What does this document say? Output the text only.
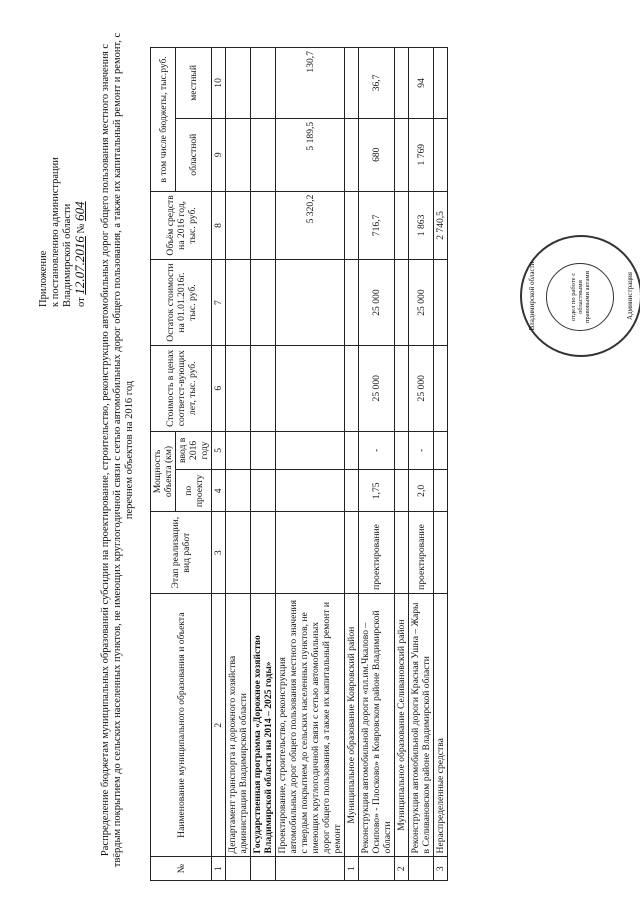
Приложение к постановлению администрации Владимирской области от 12.07.2016 № 604 Распределение бюджетам муниципальных образований субсидии на проектирование, строительство, реконструкцию автомобильных дорог общего пользования местного значения с твёрдым покрытием до сельских населенных пунктов, не имеющих круглогодичной связи с сетью автомобильных дорог общего пользования, а также их капитальный ремонт и ремонт, с перечнем объектов на 2016 год
№	Наименование муниципального образования и объекта	Этап реализации, вид работ	Мощность объекта (км)		Стоимость в ценах соответст-вующих лет, тыс. руб.	Остаток стоимости на 01.01.2016г. тыс. руб.	Объём средств на 2016 год, тыс. руб.	в том числе бюджеты, тыс.руб.	
			по проекту	ввод в 2016 году				областной	местный
1	2	3	4	5	6	7	8	9	10
	Департамент транспорта и дорожного хозяйства администрации Владимирской области								
	Государственная программа «Дорожное хозяйство Владимирской области на 2014 – 2025 годы»								
	Проектирование, строительство, реконструкция автомобильных дорог общего пользования местного значения с твердым покрытием до сельских населенных пунктов, не имеющих круглогодичной связи с сетью автомобильных дорог общего пользования, а также их капитальный ремонт и ремонт						5 320,2	5 189,5	130,7
1	Муниципальное образование Ковровский район								
	Реконструкция автомобильной дороги «пл.им.Чкалово – Осипово» - Плосково» в Ковровском районе Владимирской области	проектирование	1,75	-	25 000	25 000	716,7	680	36,7
2	Муниципальное образование Селивановский район								
	Реконструкция автомобильной дороги Красная Ушна – Жары в Селивановском районе Владимирской области	проектирование	2,0	-	25 000	25 000	1 863	1 769	94
3	Нераспределенные средства						2 740,5		
Владимирской области	отдел по работе с областными правовыми актами	Администрация
